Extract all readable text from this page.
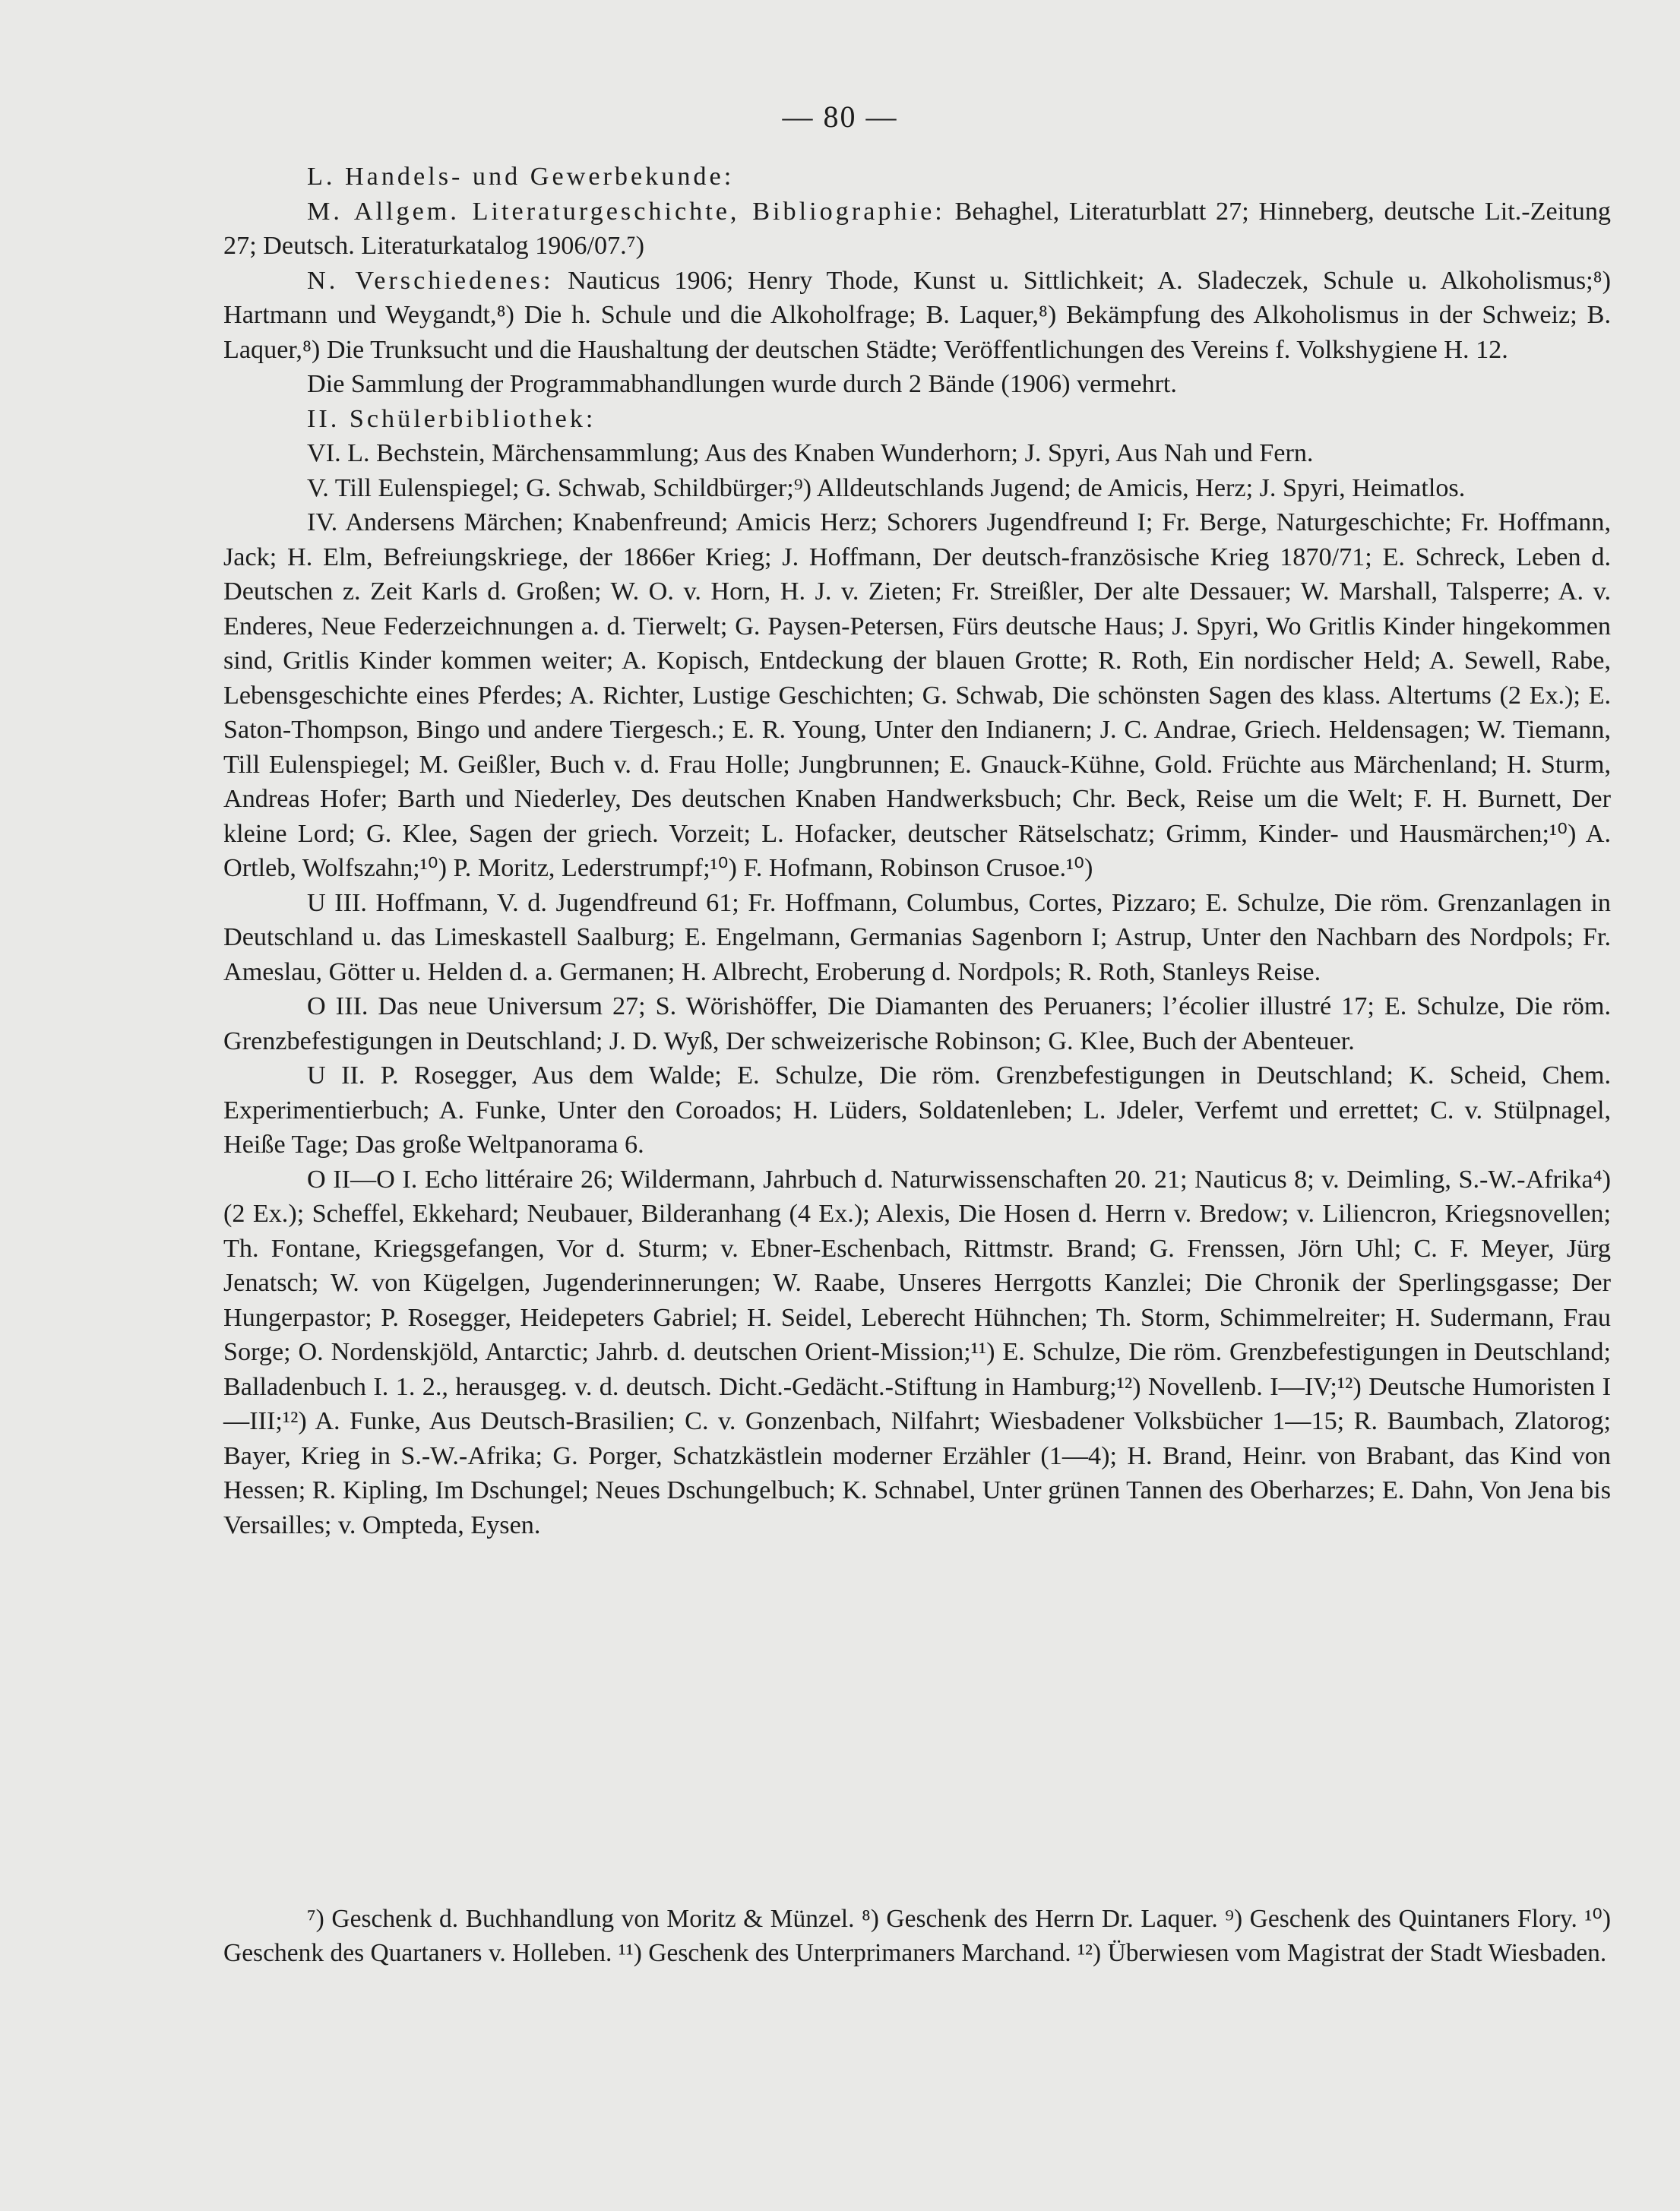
— 80 —

L. Handels- und Gewerbekunde:

M. Allgem. Literaturgeschichte, Bibliographie: Behaghel, Literaturblatt 27; Hinneberg, deutsche Lit.-Zeitung 27; Deutsch. Literaturkatalog 1906/07.⁷)

N. Verschiedenes: Nauticus 1906; Henry Thode, Kunst u. Sittlichkeit; A. Sladeczek, Schule u. Alkoholismus;⁸) Hartmann und Weygandt,⁸) Die h. Schule und die Alkoholfrage; B. Laquer,⁸) Bekämpfung des Alkoholismus in der Schweiz; B. Laquer,⁸) Die Trunksucht und die Haushaltung der deutschen Städte; Veröffentlichungen des Vereins f. Volkshygiene H. 12.

Die Sammlung der Programmabhandlungen wurde durch 2 Bände (1906) vermehrt.

II. Schülerbibliothek:

VI. L. Bechstein, Märchensammlung; Aus des Knaben Wunderhorn; J. Spyri, Aus Nah und Fern.

V. Till Eulenspiegel; G. Schwab, Schildbürger;⁹) Alldeutschlands Jugend; de Amicis, Herz; J. Spyri, Heimatlos.

IV. Andersens Märchen; Knabenfreund; Amicis Herz; Schorers Jugendfreund I; Fr. Berge, Naturgeschichte; Fr. Hoffmann, Jack; H. Elm, Befreiungskriege, der 1866er Krieg; J. Hoffmann, Der deutsch-französische Krieg 1870/71; E. Schreck, Leben d. Deutschen z. Zeit Karls d. Großen; W. O. v. Horn, H. J. v. Zieten; Fr. Streißler, Der alte Dessauer; W. Marshall, Talsperre; A. v. Enderes, Neue Federzeichnungen a. d. Tierwelt; G. Paysen-Petersen, Fürs deutsche Haus; J. Spyri, Wo Gritlis Kinder hingekommen sind, Gritlis Kinder kommen weiter; A. Kopisch, Entdeckung der blauen Grotte; R. Roth, Ein nordischer Held; A. Sewell, Rabe, Lebensgeschichte eines Pferdes; A. Richter, Lustige Geschichten; G. Schwab, Die schönsten Sagen des klass. Altertums (2 Ex.); E. Saton-Thompson, Bingo und andere Tiergesch.; E. R. Young, Unter den Indianern; J. C. Andrae, Griech. Heldensagen; W. Tiemann, Till Eulenspiegel; M. Geißler, Buch v. d. Frau Holle; Jungbrunnen; E. Gnauck-Kühne, Gold. Früchte aus Märchenland; H. Sturm, Andreas Hofer; Barth und Niederley, Des deutschen Knaben Handwerksbuch; Chr. Beck, Reise um die Welt; F. H. Burnett, Der kleine Lord; G. Klee, Sagen der griech. Vorzeit; L. Hofacker, deutscher Rätselschatz; Grimm, Kinder- und Hausmärchen;¹⁰) A. Ortleb, Wolfszahn;¹⁰) P. Moritz, Lederstrumpf;¹⁰) F. Hofmann, Robinson Crusoe.¹⁰)

U III. Hoffmann, V. d. Jugendfreund 61; Fr. Hoffmann, Columbus, Cortes, Pizzaro; E. Schulze, Die röm. Grenzanlagen in Deutschland u. das Limeskastell Saalburg; E. Engelmann, Germanias Sagenborn I; Astrup, Unter den Nachbarn des Nordpols; Fr. Ameslau, Götter u. Helden d. a. Germanen; H. Albrecht, Eroberung d. Nordpols; R. Roth, Stanleys Reise.

O III. Das neue Universum 27; S. Wörishöffer, Die Diamanten des Peruaners; l’écolier illustré 17; E. Schulze, Die röm. Grenzbefestigungen in Deutschland; J. D. Wyß, Der schweizerische Robinson; G. Klee, Buch der Abenteuer.

U II. P. Rosegger, Aus dem Walde; E. Schulze, Die röm. Grenzbefestigungen in Deutschland; K. Scheid, Chem. Experimentierbuch; A. Funke, Unter den Coroados; H. Lüders, Soldatenleben; L. Jdeler, Verfemt und errettet; C. v. Stülpnagel, Heiße Tage; Das große Weltpanorama 6.

O II—O I. Echo littéraire 26; Wildermann, Jahrbuch d. Naturwissenschaften 20. 21; Nauticus 8; v. Deimling, S.-W.-Afrika⁴) (2 Ex.); Scheffel, Ekkehard; Neubauer, Bilderanhang (4 Ex.); Alexis, Die Hosen d. Herrn v. Bredow; v. Liliencron, Kriegsnovellen; Th. Fontane, Kriegsgefangen, Vor d. Sturm; v. Ebner-Eschenbach, Rittmstr. Brand; G. Frenssen, Jörn Uhl; C. F. Meyer, Jürg Jenatsch; W. von Kügelgen, Jugenderinnerungen; W. Raabe, Unseres Herrgotts Kanzlei; Die Chronik der Sperlingsgasse; Der Hungerpastor; P. Rosegger, Heidepeters Gabriel; H. Seidel, Leberecht Hühnchen; Th. Storm, Schimmelreiter; H. Sudermann, Frau Sorge; O. Nordenskjöld, Antarctic; Jahrb. d. deutschen Orient-Mission;¹¹) E. Schulze, Die röm. Grenzbefestigungen in Deutschland; Balladenbuch I. 1. 2., herausgeg. v. d. deutsch. Dicht.-Gedächt.-Stiftung in Hamburg;¹²) Novellenb. I—IV;¹²) Deutsche Humoristen I—III;¹²) A. Funke, Aus Deutsch-Brasilien; C. v. Gonzenbach, Nilfahrt; Wiesbadener Volksbücher 1—15; R. Baumbach, Zlatorog; Bayer, Krieg in S.-W.-Afrika; G. Porger, Schatzkästlein moderner Erzähler (1—4); H. Brand, Heinr. von Brabant, das Kind von Hessen; R. Kipling, Im Dschungel; Neues Dschungelbuch; K. Schnabel, Unter grünen Tannen des Oberharzes; E. Dahn, Von Jena bis Versailles; v. Ompteda, Eysen.

⁷) Geschenk d. Buchhandlung von Moritz & Münzel. ⁸) Geschenk des Herrn Dr. Laquer. ⁹) Geschenk des Quintaners Flory. ¹⁰) Geschenk des Quartaners v. Holleben. ¹¹) Geschenk des Unterprimaners Marchand. ¹²) Überwiesen vom Magistrat der Stadt Wiesbaden.
